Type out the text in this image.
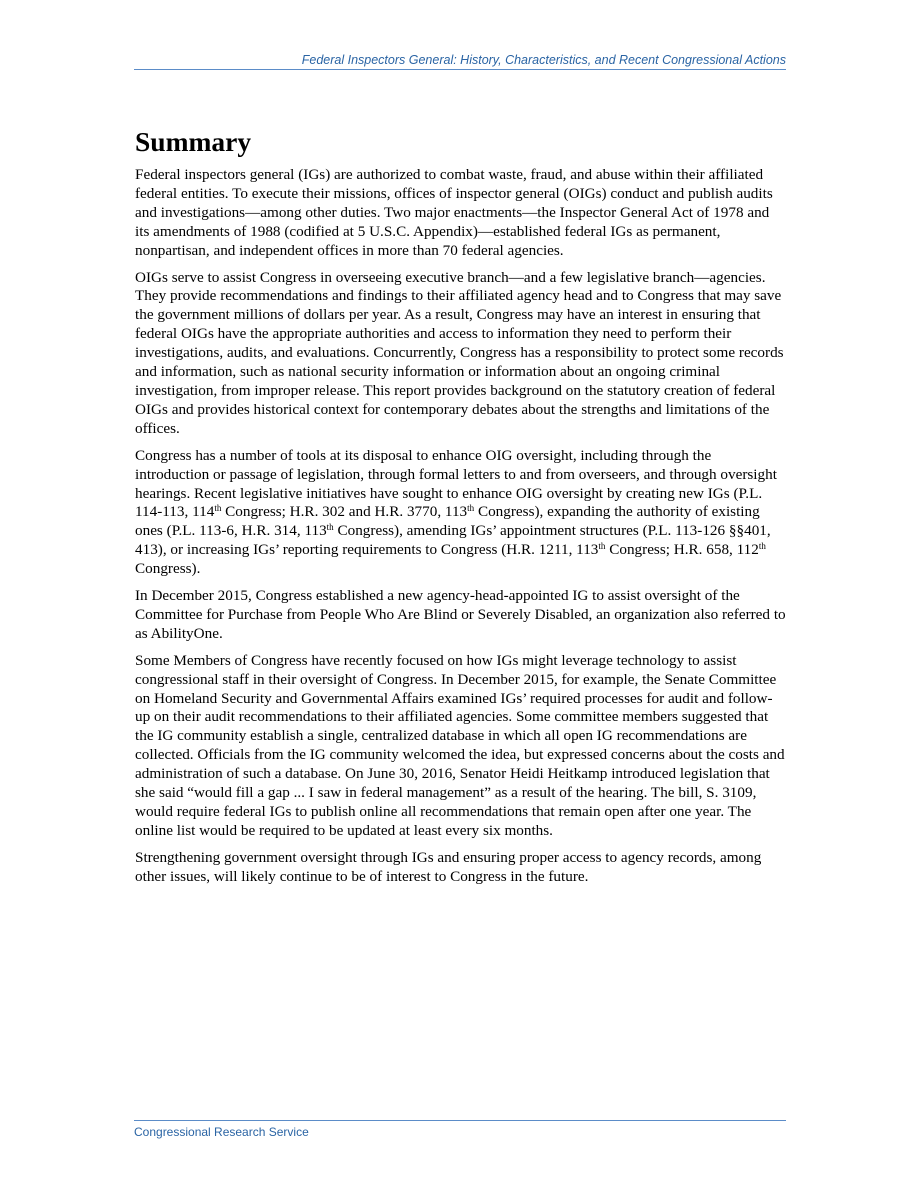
Federal Inspectors General: History, Characteristics, and Recent Congressional Actions
Summary

Federal inspectors general (IGs) are authorized to combat waste, fraud, and abuse within their affiliated federal entities. To execute their missions, offices of inspector general (OIGs) conduct and publish audits and investigations—among other duties. Two major enactments—the Inspector General Act of 1978 and its amendments of 1988 (codified at 5 U.S.C. Appendix)—established federal IGs as permanent, nonpartisan, and independent offices in more than 70 federal agencies.

OIGs serve to assist Congress in overseeing executive branch—and a few legislative branch—agencies. They provide recommendations and findings to their affiliated agency head and to Congress that may save the government millions of dollars per year. As a result, Congress may have an interest in ensuring that federal OIGs have the appropriate authorities and access to information they need to perform their investigations, audits, and evaluations. Concurrently, Congress has a responsibility to protect some records and information, such as national security information or information about an ongoing criminal investigation, from improper release. This report provides background on the statutory creation of federal OIGs and provides historical context for contemporary debates about the strengths and limitations of the offices.

Congress has a number of tools at its disposal to enhance OIG oversight, including through the introduction or passage of legislation, through formal letters to and from overseers, and through oversight hearings. Recent legislative initiatives have sought to enhance OIG oversight by creating new IGs (P.L. 114-113, 114th Congress; H.R. 302 and H.R. 3770, 113th Congress), expanding the authority of existing ones (P.L. 113-6, H.R. 314, 113th Congress), amending IGs’ appointment structures (P.L. 113-126 §§401, 413), or increasing IGs’ reporting requirements to Congress (H.R. 1211, 113th Congress; H.R. 658, 112th Congress).

In December 2015, Congress established a new agency-head-appointed IG to assist oversight of the Committee for Purchase from People Who Are Blind or Severely Disabled, an organization also referred to as AbilityOne.

Some Members of Congress have recently focused on how IGs might leverage technology to assist congressional staff in their oversight of Congress. In December 2015, for example, the Senate Committee on Homeland Security and Governmental Affairs examined IGs’ required processes for audit and follow-up on their audit recommendations to their affiliated agencies. Some committee members suggested that the IG community establish a single, centralized database in which all open IG recommendations are collected. Officials from the IG community welcomed the idea, but expressed concerns about the costs and administration of such a database. On June 30, 2016, Senator Heidi Heitkamp introduced legislation that she said “would fill a gap ... I saw in federal management” as a result of the hearing. The bill, S. 3109, would require federal IGs to publish online all recommendations that remain open after one year. The online list would be required to be updated at least every six months.

Strengthening government oversight through IGs and ensuring proper access to agency records, among other issues, will likely continue to be of interest to Congress in the future.

Congressional Research Service
